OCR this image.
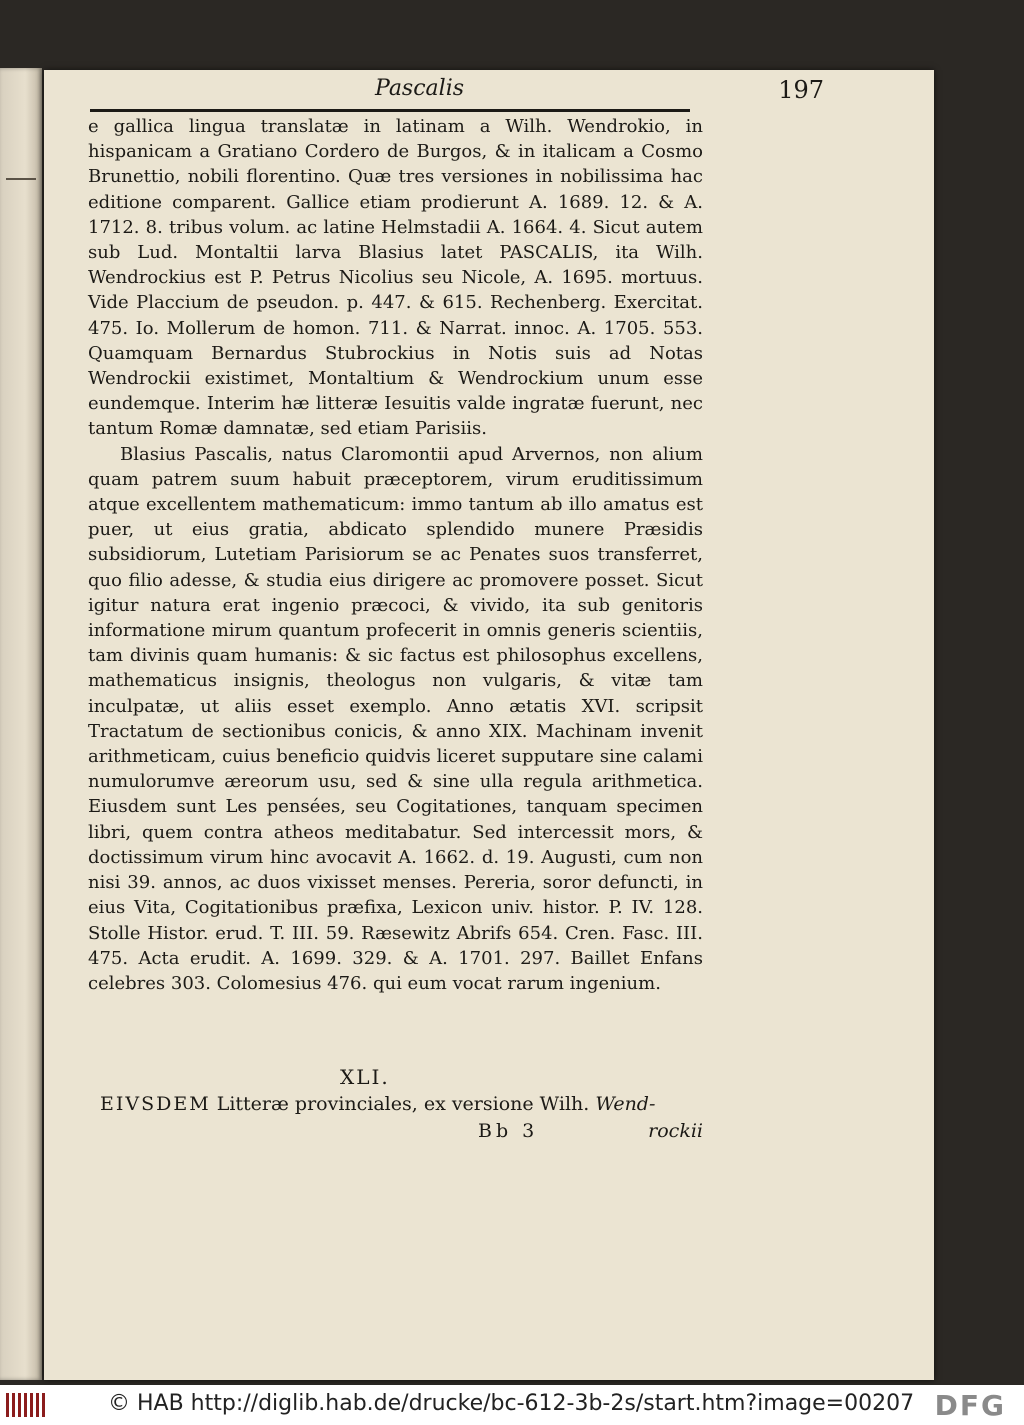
Pascalis	197

e gallica lingua translatæ in latinam a Wilh. Wendrokio, in hispanicam a Gratiano Cordero de Burgos, & in italicam a Cosmo Brunettio, nobili florentino. Quæ tres versiones in nobilissima hac editione comparent. Gallice etiam prodierunt A. 1689. 12. & A. 1712. 8. tribus volum. ac latine Helmstadii A. 1664. 4. Sicut autem sub Lud. Montaltii larva Blasius latet PASCALIS, ita Wilh. Wendrockius est P. Petrus Nicolius seu Nicole, A. 1695. mortuus. Vide Placcium de pseudon. p. 447. & 615. Rechenberg. Exercitat. 475. Io. Mollerum de homon. 711. & Narrat. innoc. A. 1705. 553. Quamquam Bernardus Stubrockius in Notis suis ad Notas Wendrockii existimet, Montaltium & Wendrockium unum esse eundemque. Interim hæ litteræ Iesuitis valde ingratæ fuerunt, nec tantum Romæ damnatæ, sed etiam Parisiis.

Blasius Pascalis, natus Claromontii apud Arvernos, non alium quam patrem suum habuit præceptorem, virum eruditissimum atque excellentem mathematicum: immo tantum ab illo amatus est puer, ut eius gratia, abdicato splendido munere Præsidis subsidiorum, Lutetiam Parisiorum se ac Penates suos transferret, quo filio adesse, & studia eius dirigere ac promovere posset. Sicut igitur natura erat ingenio præcoci, & vivido, ita sub genitoris informatione mirum quantum profecerit in omnis generis scientiis, tam divinis quam humanis: & sic factus est philosophus excellens, mathematicus insignis, theologus non vulgaris, & vitæ tam inculpatæ, ut aliis esset exemplo. Anno ætatis XVI. scripsit Tractatum de sectionibus conicis, & anno XIX. Machinam invenit arithmeticam, cuius beneficio quidvis liceret supputare sine calami numulorumve æreorum usu, sed & sine ulla regula arithmetica. Eiusdem sunt Les pensées, seu Cogitationes, tanquam specimen libri, quem contra atheos meditabatur. Sed intercessit mors, & doctissimum virum hinc avocavit A. 1662. d. 19. Augusti, cum non nisi 39. annos, ac duos vixisset menses. Pereria, soror defuncti, in eius Vita, Cogitationibus præfixa, Lexicon univ. histor. P. IV. 128. Stolle Histor. erud. T. III. 59. Ræsewitz Abrifs 654. Cren. Fasc. III. 475. Acta erudit. A. 1699. 329. & A. 1701. 297. Baillet Enfans celebres 303. Colomesius 476. qui eum vocat rarum ingenium.

XLI.
EIVSDEM Litteræ provinciales, ex versione Wilh. Wend-
Bb 3	rockii
© HAB http://diglib.hab.de/drucke/bc-612-3b-2s/start.htm?image=00207 DFG
